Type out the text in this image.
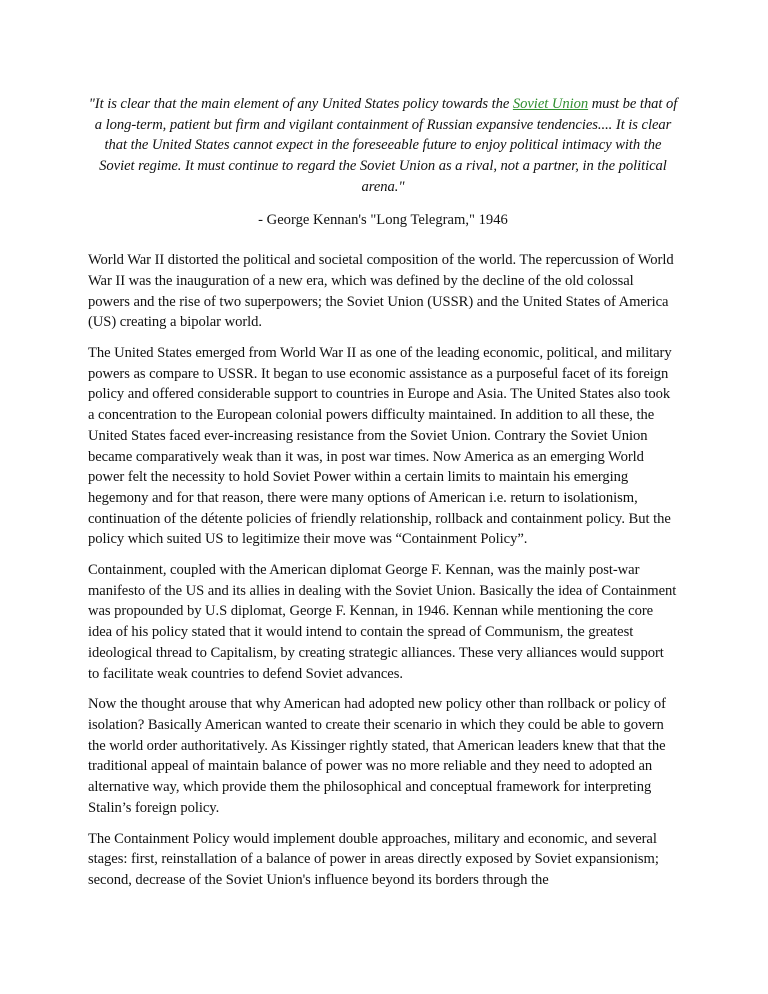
"It is clear that the main element of any United States policy towards the Soviet Union must be that of a long-term, patient but firm and vigilant containment of Russian expansive tendencies.... It is clear that the United States cannot expect in the foreseeable future to enjoy political intimacy with the Soviet regime. It must continue to regard the Soviet Union as a rival, not a partner, in the political arena."

- George Kennan's "Long Telegram," 1946

World War II distorted the political and societal composition of the world. The repercussion of World War II was the inauguration of a new era, which was defined by the decline of the old colossal powers and the rise of two superpowers; the Soviet Union (USSR) and the United States of America (US) creating a bipolar world.

The United States emerged from World War II as one of the leading economic, political, and military powers as compare to USSR. It began to use economic assistance as a purposeful facet of its foreign policy and offered considerable support to countries in Europe and Asia. The United States also took a concentration to the European colonial powers difficulty maintained. In addition to all these, the United States faced ever-increasing resistance from the Soviet Union. Contrary the Soviet Union became comparatively weak than it was, in post war times. Now America as an emerging World power felt the necessity to hold Soviet Power within a certain limits to maintain his emerging hegemony and for that reason, there were many options of American i.e. return to isolationism, continuation of the détente policies of friendly relationship, rollback and containment policy. But the policy which suited US to legitimize their move was “Containment Policy”.

Containment, coupled with the American diplomat George F. Kennan, was the mainly post-war manifesto of the US and its allies in dealing with the Soviet Union. Basically the idea of Containment was propounded by U.S diplomat, George F. Kennan, in 1946. Kennan while mentioning the core idea of his policy stated that it would intend to contain the spread of Communism, the greatest ideological thread to Capitalism, by creating strategic alliances. These very alliances would support to facilitate weak countries to defend Soviet advances.

Now the thought arouse that why American had adopted new policy other than rollback or policy of isolation? Basically American wanted to create their scenario in which they could be able to govern the world order authoritatively. As Kissinger rightly stated, that American leaders knew that that the traditional appeal of maintain balance of power was no more reliable and they need to adopted an alternative way, which provide them the philosophical and conceptual framework for interpreting Stalin’s foreign policy.

The Containment Policy would implement double approaches, military and economic, and several stages: first, reinstallation of a balance of power in areas directly exposed by Soviet expansionism; second, decrease of the Soviet Union's influence beyond its borders through the
